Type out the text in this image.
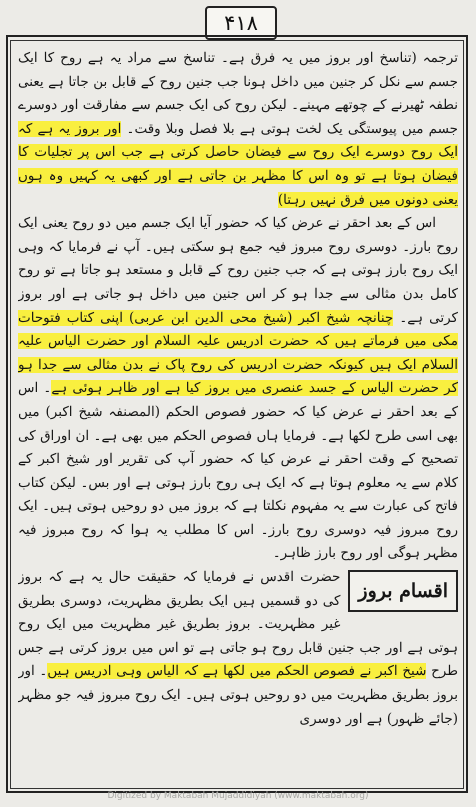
۴۱۸

ترجمہ (تناسخ اور بروز میں یہ فرق ہے۔ تناسخ سے مراد یہ ہے روح کا ایک جسم سے نکل کر جنین میں داخل ہونا جب جنین روح کے قابل بن جاتا ہے یعنی نطفہ ٹھیرنے کے چوتھے مہینے۔ لیکن روح کی ایک جسم سے مفارقت اور دوسرے جسم میں پیوستگی یک لخت ہوتی ہے بلا فصل وبلا وقت۔ اور بروز یہ ہے کہ ایک روح دوسرے ایک روح سے فیضان حاصل کرتی ہے جب اس پر تجلیات کا فیضان ہوتا ہے تو وہ اس کا مظہر بن جاتی ہے اور کبھی یہ کہیں وہ ہوں یعنی دونوں میں فرق نہیں رہتا)

اس کے بعد احقر نے عرض کیا کہ حضور آیا ایک جسم میں دو روح یعنی ایک روح بارز۔ دوسری روح مبروز فیہ جمع ہو سکتی ہیں۔ آپ نے فرمایا کہ وہی ایک روح بارز ہوتی ہے کہ جب جنین روح کے قابل و مستعد ہو جاتا ہے تو روح کامل بدن مثالی سے جدا ہو کر اس جنین میں داخل ہو جاتی ہے اور بروز کرتی ہے۔ چنانچہ شیخ اکبر (شیخ محی الدین ابن عربی) اپنی کتاب فتوحات مکی میں فرماتے ہیں کہ حضرت ادریس علیہ السلام اور حضرت الیاس علیہ السلام ایک ہیں کیونکہ حضرت ادریس کی روح پاک نے بدن مثالی سے جدا ہو کر حضرت الیاس کے جسد عنصری میں بروز کیا ہے اور ظاہر ہوئی ہے۔ اس کے بعد احقر نے عرض کیا کہ حضور فصوص الحکم (المصنفہ شیخ اکبر) میں بھی اسی طرح لکھا ہے۔ فرمایا ہاں فصوص الحکم میں بھی ہے۔ ان اوراق کی تصحیح کے وقت احقر نے عرض کیا کہ حضور آپ کی تقریر اور شیخ اکبر کے کلام سے یہ معلوم ہوتا ہے کہ ایک ہی روح بارز ہوتی ہے اور بس۔ لیکن کتاب فاتح کی عبارت سے یہ مفہوم نکلتا ہے کہ بروز میں دو روحیں ہوتی ہیں۔ ایک روح مبروز فیہ دوسری روح بارز۔ اس کا مطلب یہ ہوا کہ روح مبروز فیہ مظہر ہوگی اور روح بارز ظاہر۔

اقسام بروز
حضرت اقدس نے فرمایا کہ حقیقت حال یہ ہے کہ بروز کی دو قسمیں ہیں ایک بطریق مظہریت، دوسری بطریق غیر مظہریت۔ بروز بطریق غیر مظہریت میں ایک روح ہوتی ہے اور جب جنین قابل روح ہو جاتی ہے تو اس میں بروز کرتی ہے جس طرح شیخ اکبر نے فصوص الحکم میں لکھا ہے کہ الیاس وہی ادریس ہیں۔ اور بروز بطریق مظہریت میں دو روحیں ہوتی ہیں۔ ایک روح مبروز فیہ جو مظہر (جائے ظہور) ہے اور دوسری

Digitized by Maktabah Mujaddidiyah (www.maktabah.org)
